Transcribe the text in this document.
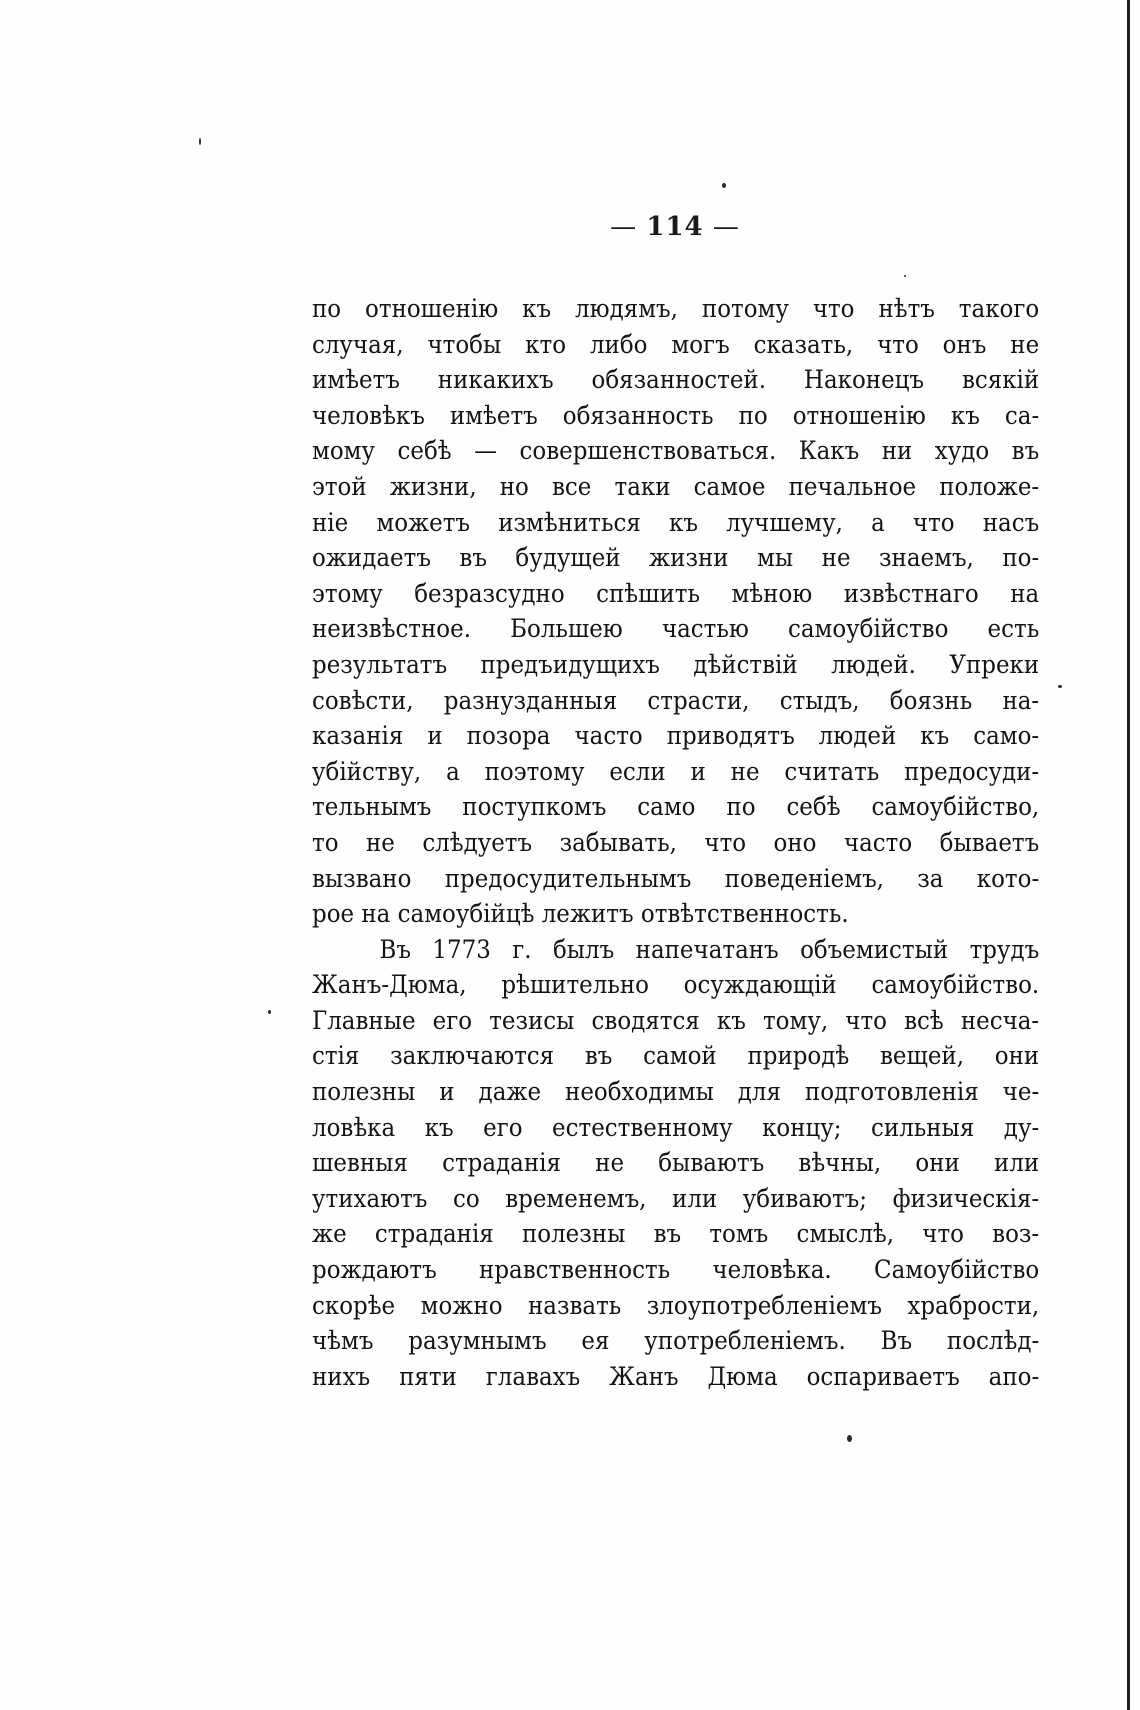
— 114 —
по отношенію къ людямъ, потому что нѣтъ такого
случая, чтобы кто либо могъ сказать, что онъ не
имѣетъ никакихъ обязанностей. Наконецъ всякій
человѣкъ имѣетъ обязанность по отношенію къ са-
мому себѣ — совершенствоваться. Какъ ни худо въ
этой жизни, но все таки самое печальное положе-
ніе можетъ измѣниться къ лучшему, а что насъ
ожидаетъ въ будущей жизни мы не знаемъ, по-
этому безразсудно спѣшить мѣною извѣстнаго на
неизвѣстное. Большею частью самоубійство есть
результатъ предъидущихъ дѣйствій людей. Упреки
совѣсти, разнузданныя страсти, стыдъ, боязнь на-
казанія и позора часто приводятъ людей къ само-
убійству, а поэтому если и не считать предосуди-
тельнымъ поступкомъ само по себѣ самоубійство,
то не слѣдуетъ забывать, что оно часто бываетъ
вызвано предосудительнымъ поведеніемъ, за кото-
рое на самоубійцѣ лежитъ отвѣтственность.
Въ 1773 г. былъ напечатанъ объемистый трудъ
Жанъ-Дюма, рѣшительно осуждающій самоубійство.
Главные его тезисы сводятся къ тому, что всѣ несча-
стія заключаются въ самой природѣ вещей, они
полезны и даже необходимы для подготовленія че-
ловѣка къ его естественному концу; сильныя ду-
шевныя страданія не бываютъ вѣчны, они или
утихаютъ со временемъ, или убиваютъ; физическія-
же страданія полезны въ томъ смыслѣ, что воз-
рождаютъ нравственность человѣка. Самоубійство
скорѣе можно назвать злоупотребленіемъ храбрости,
чѣмъ разумнымъ ея употребленіемъ. Въ послѣд-
нихъ пяти главахъ Жанъ Дюма оспариваетъ апо-
